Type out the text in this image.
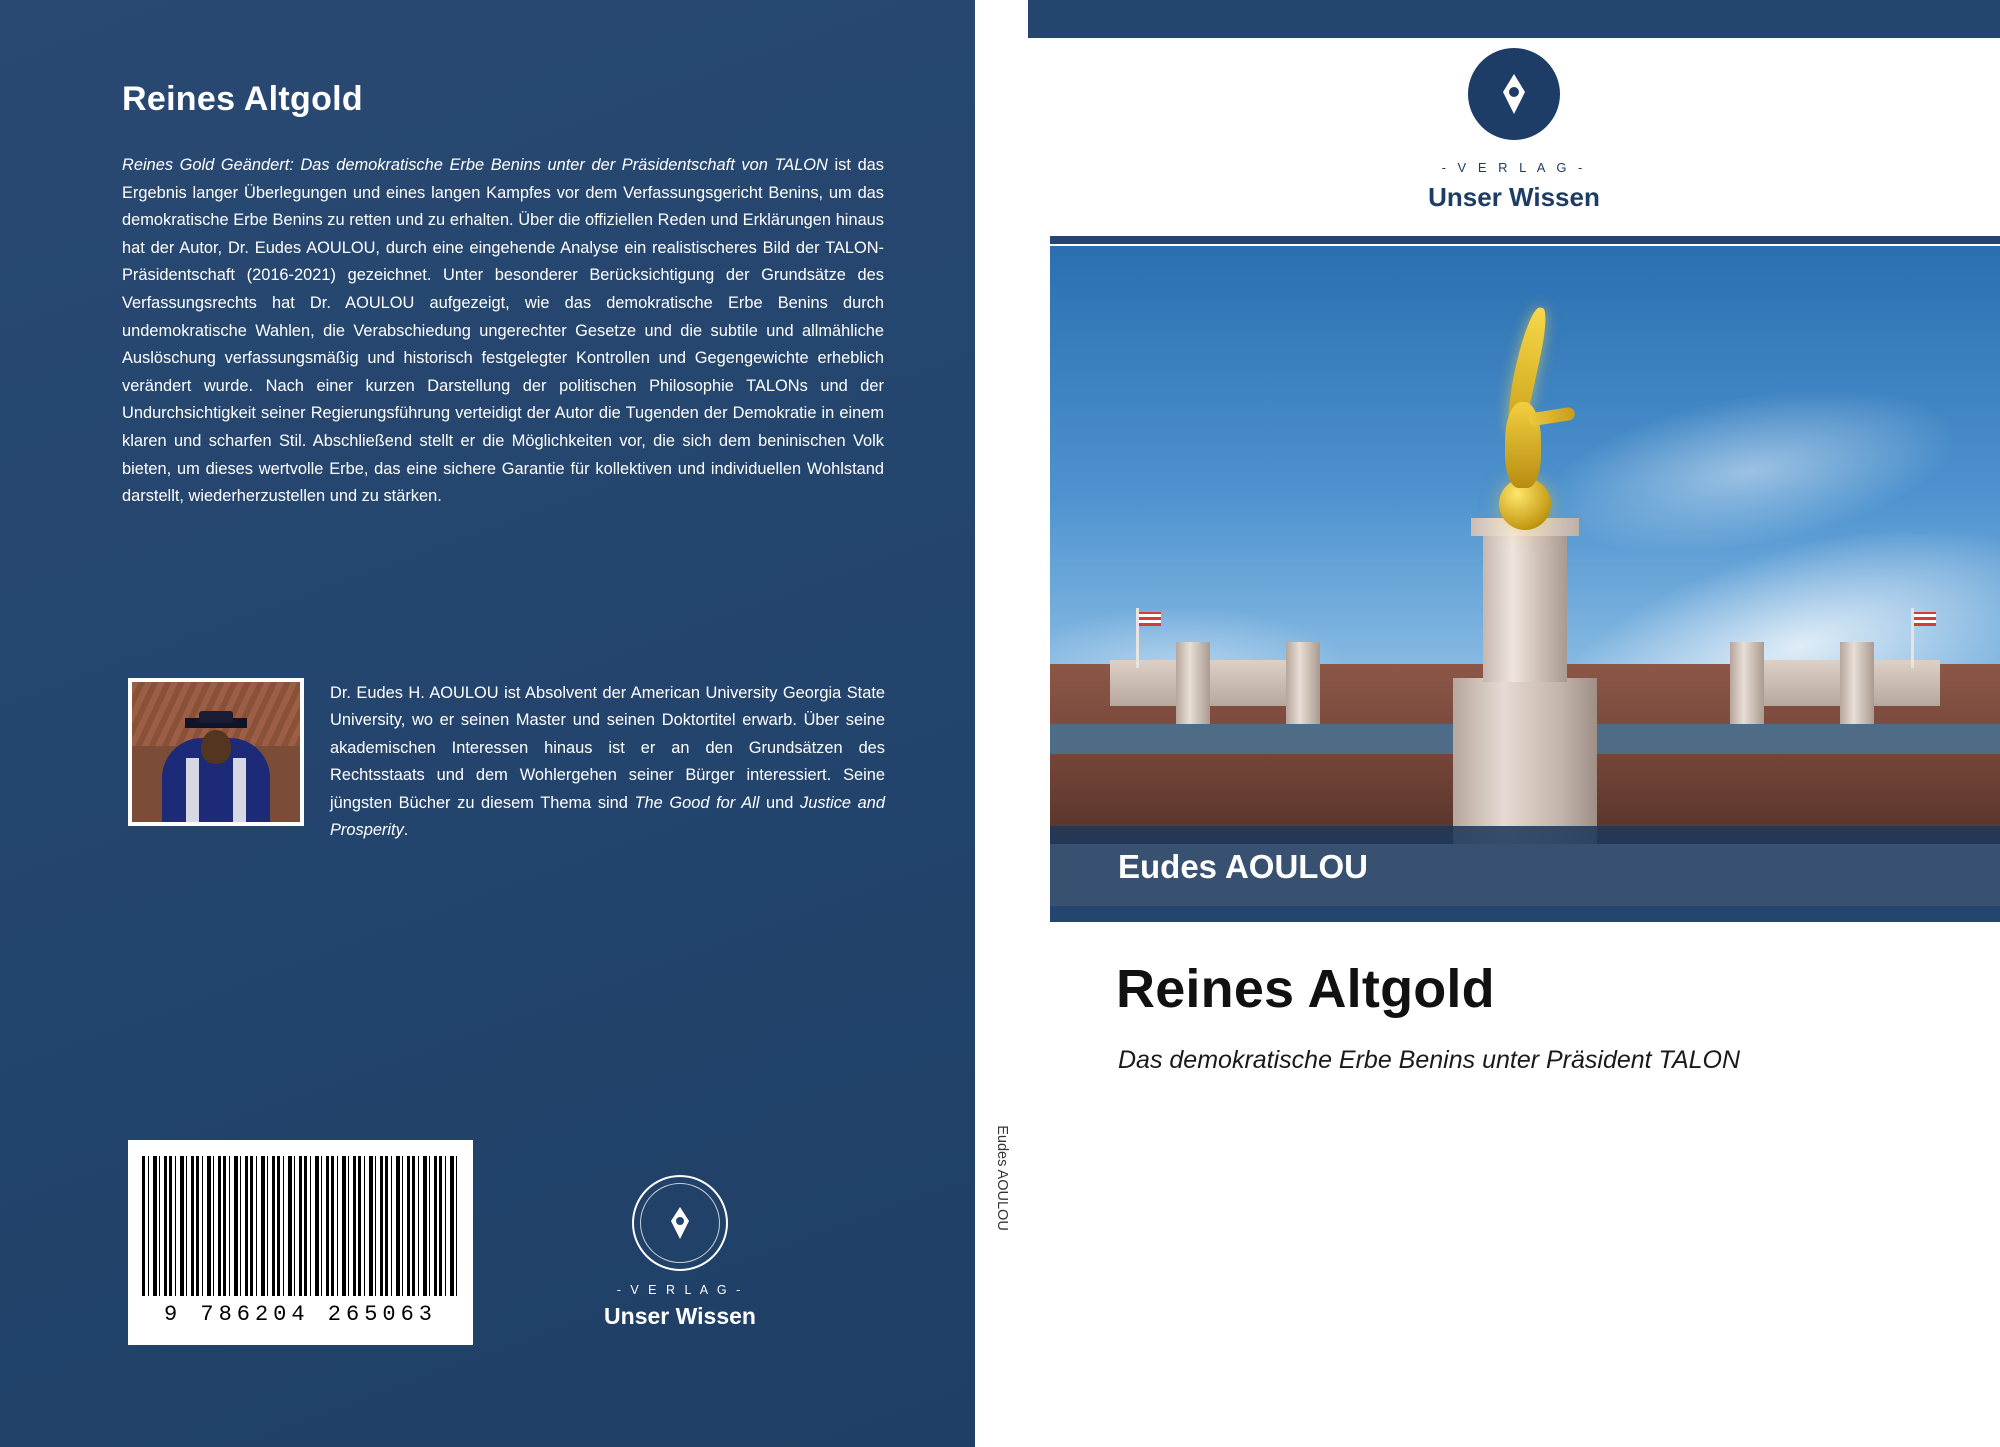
Reines Altgold
Reines Gold Geändert: Das demokratische Erbe Benins unter der Präsidentschaft von TALON ist das Ergebnis langer Überlegungen und eines langen Kampfes vor dem Verfassungsgericht Benins, um das demokratische Erbe Benins zu retten und zu erhalten. Über die offiziellen Reden und Erklärungen hinaus hat der Autor, Dr. Eudes AOULOU, durch eine eingehende Analyse ein realistischeres Bild der TALON-Präsidentschaft (2016-2021) gezeichnet. Unter besonderer Berücksichtigung der Grundsätze des Verfassungsrechts hat Dr. AOULOU aufgezeigt, wie das demokratische Erbe Benins durch undemokratische Wahlen, die Verabschiedung ungerechter Gesetze und die subtile und allmähliche Auslöschung verfassungsmäßig und historisch festgelegter Kontrollen und Gegengewichte erheblich verändert wurde. Nach einer kurzen Darstellung der politischen Philosophie TALONs und der Undurchsichtigkeit seiner Regierungsführung verteidigt der Autor die Tugenden der Demokratie in einem klaren und scharfen Stil. Abschließend stellt er die Möglichkeiten vor, die sich dem beninischen Volk bieten, um dieses wertvolle Erbe, das eine sichere Garantie für kollektiven und individuellen Wohlstand darstellt, wiederherzustellen und zu stärken.
Dr. Eudes H. AOULOU ist Absolvent der American University Georgia State University, wo er seinen Master und seinen Doktortitel erwarb. Über seine akademischen Interessen hinaus ist er an den Grundsätzen des Rechtsstaats und dem Wohlergehen seiner Bürger interessiert. Seine jüngsten Bücher zu diesem Thema sind The Good for All und Justice and Prosperity.
9 786204 265063
- V E R L A G -
Unser Wissen
Eudes AOULOU
- V E R L A G -
Unser Wissen
Eudes AOULOU
Reines Altgold
Das demokratische Erbe Benins unter Präsident TALON
